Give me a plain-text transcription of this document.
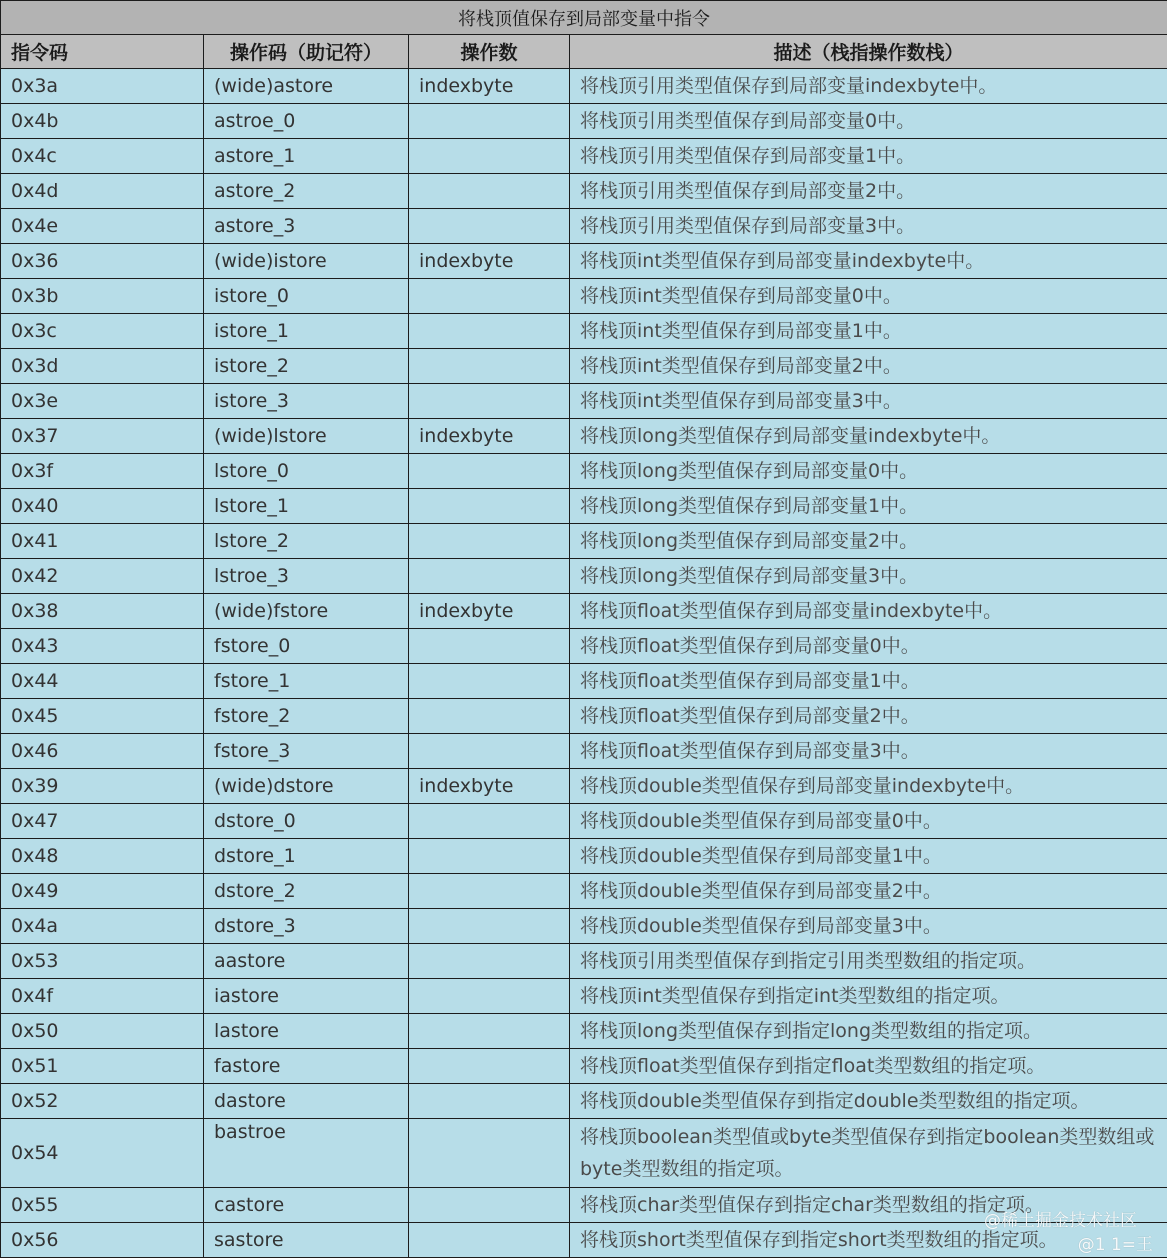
将栈顶值保存到局部变量中指令			
指令码	操作码（助记符）	操作数	描述（栈指操作数栈）
0x3a	(wide)astore	indexbyte	将栈顶引用类型值保存到局部变量indexbyte中。
0x4b	astroe_0		将栈顶引用类型值保存到局部变量0中。
0x4c	astore_1		将栈顶引用类型值保存到局部变量1中。
0x4d	astore_2		将栈顶引用类型值保存到局部变量2中。
0x4e	astore_3		将栈顶引用类型值保存到局部变量3中。
0x36	(wide)istore	indexbyte	将栈顶int类型值保存到局部变量indexbyte中。
0x3b	istore_0		将栈顶int类型值保存到局部变量0中。
0x3c	istore_1		将栈顶int类型值保存到局部变量1中。
0x3d	istore_2		将栈顶int类型值保存到局部变量2中。
0x3e	istore_3		将栈顶int类型值保存到局部变量3中。
0x37	(wide)lstore	indexbyte	将栈顶long类型值保存到局部变量indexbyte中。
0x3f	lstore_0		将栈顶long类型值保存到局部变量0中。
0x40	lstore_1		将栈顶long类型值保存到局部变量1中。
0x41	lstore_2		将栈顶long类型值保存到局部变量2中。
0x42	lstroe_3		将栈顶long类型值保存到局部变量3中。
0x38	(wide)fstore	indexbyte	将栈顶float类型值保存到局部变量indexbyte中。
0x43	fstore_0		将栈顶float类型值保存到局部变量0中。
0x44	fstore_1		将栈顶float类型值保存到局部变量1中。
0x45	fstore_2		将栈顶float类型值保存到局部变量2中。
0x46	fstore_3		将栈顶float类型值保存到局部变量3中。
0x39	(wide)dstore	indexbyte	将栈顶double类型值保存到局部变量indexbyte中。
0x47	dstore_0		将栈顶double类型值保存到局部变量0中。
0x48	dstore_1		将栈顶double类型值保存到局部变量1中。
0x49	dstore_2		将栈顶double类型值保存到局部变量2中。
0x4a	dstore_3		将栈顶double类型值保存到局部变量3中。
0x53	aastore		将栈顶引用类型值保存到指定引用类型数组的指定项。
0x4f	iastore		将栈顶int类型值保存到指定int类型数组的指定项。
0x50	lastore		将栈顶long类型值保存到指定long类型数组的指定项。
0x51	fastore		将栈顶float类型值保存到指定float类型数组的指定项。
0x52	dastore		将栈顶double类型值保存到指定double类型数组的指定项。
0x54	bastroe		将栈顶boolean类型值或byte类型值保存到指定boolean类型数组或byte类型数组的指定项。
0x55	castore		将栈顶char类型值保存到指定char类型数组的指定项。
0x56	sastore		将栈顶short类型值保存到指定short类型数组的指定项。
@稀土掘金技术社区
@1 1=王
